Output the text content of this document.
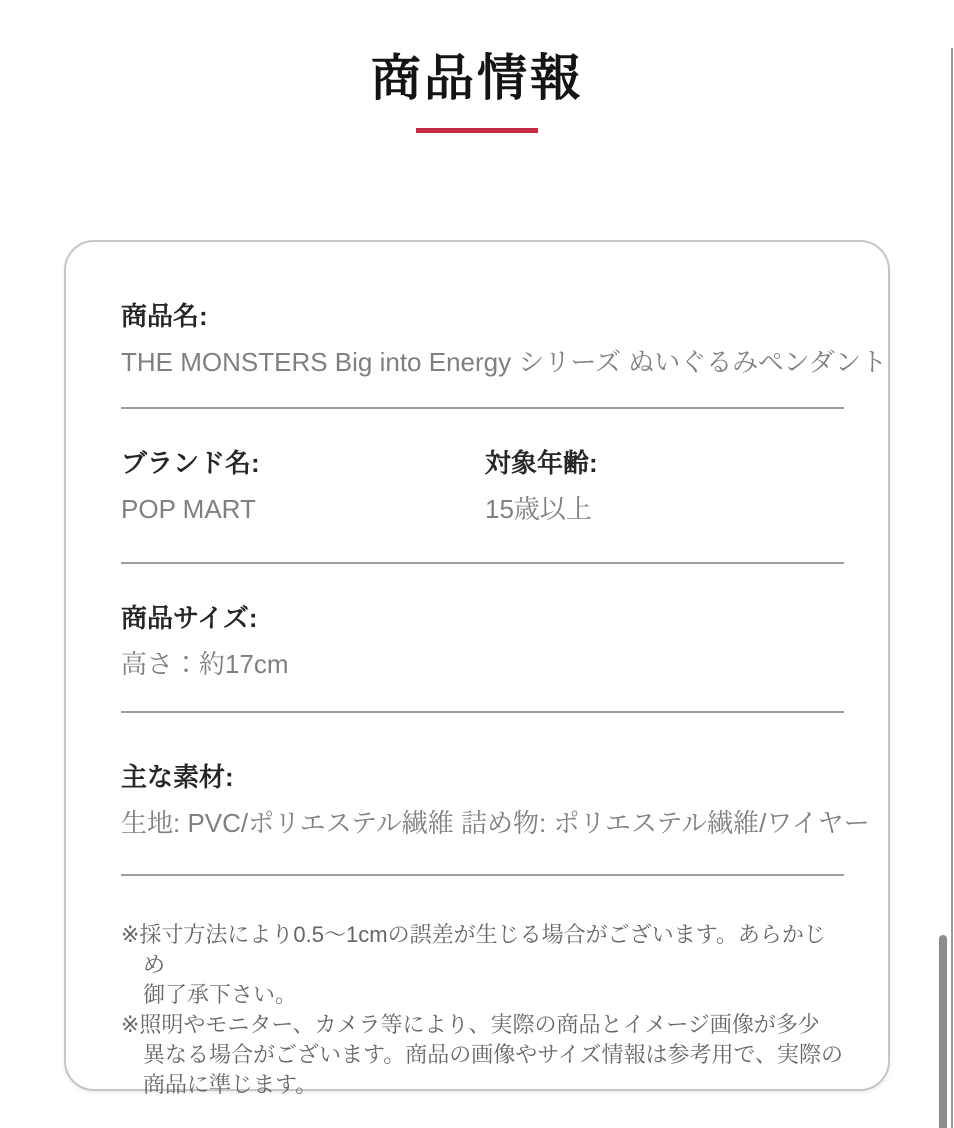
商品情報
商品名:
THE MONSTERS Big into Energy シリーズ ぬいぐるみペンダント
ブランド名:
POP MART
対象年齢:
15歳以上
商品サイズ:
高さ：約17cm
主な素材:
生地: PVC/ポリエステル繊維 詰め物: ポリエステル繊維/ワイヤー
※採寸方法により0.5〜1cmの誤差が生じる場合がございます。あらかじめ
御了承下さい。
※照明やモニター、カメラ等により、実際の商品とイメージ画像が多少
異なる場合がございます。商品の画像やサイズ情報は参考用で、実際の
商品に準じます。
